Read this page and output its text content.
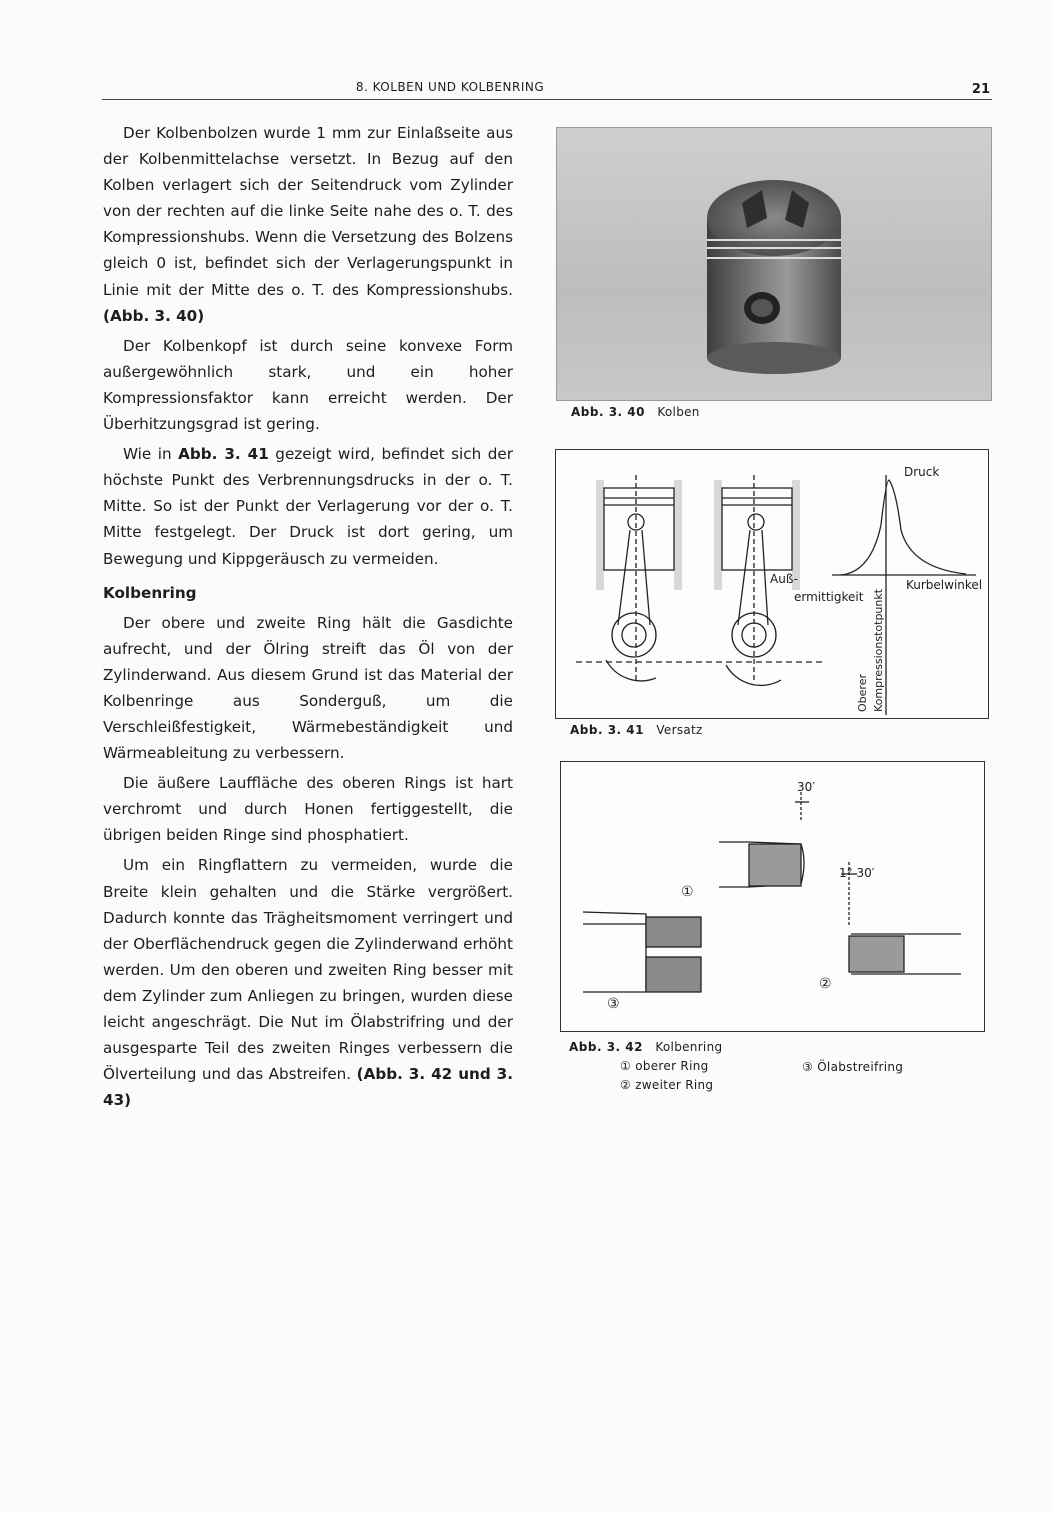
8. KOLBEN UND KOLBENRING	21

Der Kolbenbolzen wurde 1 mm zur Einlaßseite aus der Kolbenmittelachse versetzt. In Bezug auf den Kolben verlagert sich der Seitendruck vom Zylinder von der rechten auf die linke Seite nahe des o. T. des Kompressionshubs. Wenn die Versetzung des Bolzens gleich 0 ist, befindet sich der Verlagerungspunkt in Linie mit der Mitte des o. T. des Kompressionshubs. (Abb. 3. 40)

Der Kolbenkopf ist durch seine konvexe Form außergewöhnlich stark, und ein hoher Kompressionsfaktor kann erreicht werden. Der Überhitzungsgrad ist gering.

Wie in Abb. 3. 41 gezeigt wird, befindet sich der höchste Punkt des Verbrennungsdrucks in der o. T. Mitte. So ist der Punkt der Verlagerung vor der o. T. Mitte festgelegt. Der Druck ist dort gering, um Bewegung und Kippgeräusch zu vermeiden.

Kolbenring

Der obere und zweite Ring hält die Gasdichte aufrecht, und der Ölring streift das Öl von der Zylinderwand. Aus diesem Grund ist das Material der Kolbenringe aus Sonderguß, um die Verschleißfestigkeit, Wärmebeständigkeit und Wärmeableitung zu verbessern.

Die äußere Lauffläche des oberen Rings ist hart verchromt und durch Honen fertiggestellt, die übrigen beiden Ringe sind phosphatiert.

Um ein Ringflattern zu vermeiden, wurde die Breite klein gehalten und die Stärke vergrößert. Dadurch konnte das Trägheitsmoment verringert und der Oberflächendruck gegen die Zylinderwand erhöht werden. Um den oberen und zweiten Ring besser mit dem Zylinder zum Anliegen zu bringen, wurden diese leicht angeschrägt. Die Nut im Ölabstrifring und der ausgesparte Teil des zweiten Ringes verbessern die Ölverteilung und das Abstreifen. (Abb. 3. 42 und 3. 43)

Abb. 3. 40 Kolben
Druck
Kurbelwinkel
Auß-
ermittigkeit
Oberer Kompressionstotpunkt
Abb. 3. 41 Versatz
30′
1° 30′
①
②
③
Abb. 3. 42 Kolbenring
① oberer Ring
② zweiter Ring
③ Ölabstreifring
